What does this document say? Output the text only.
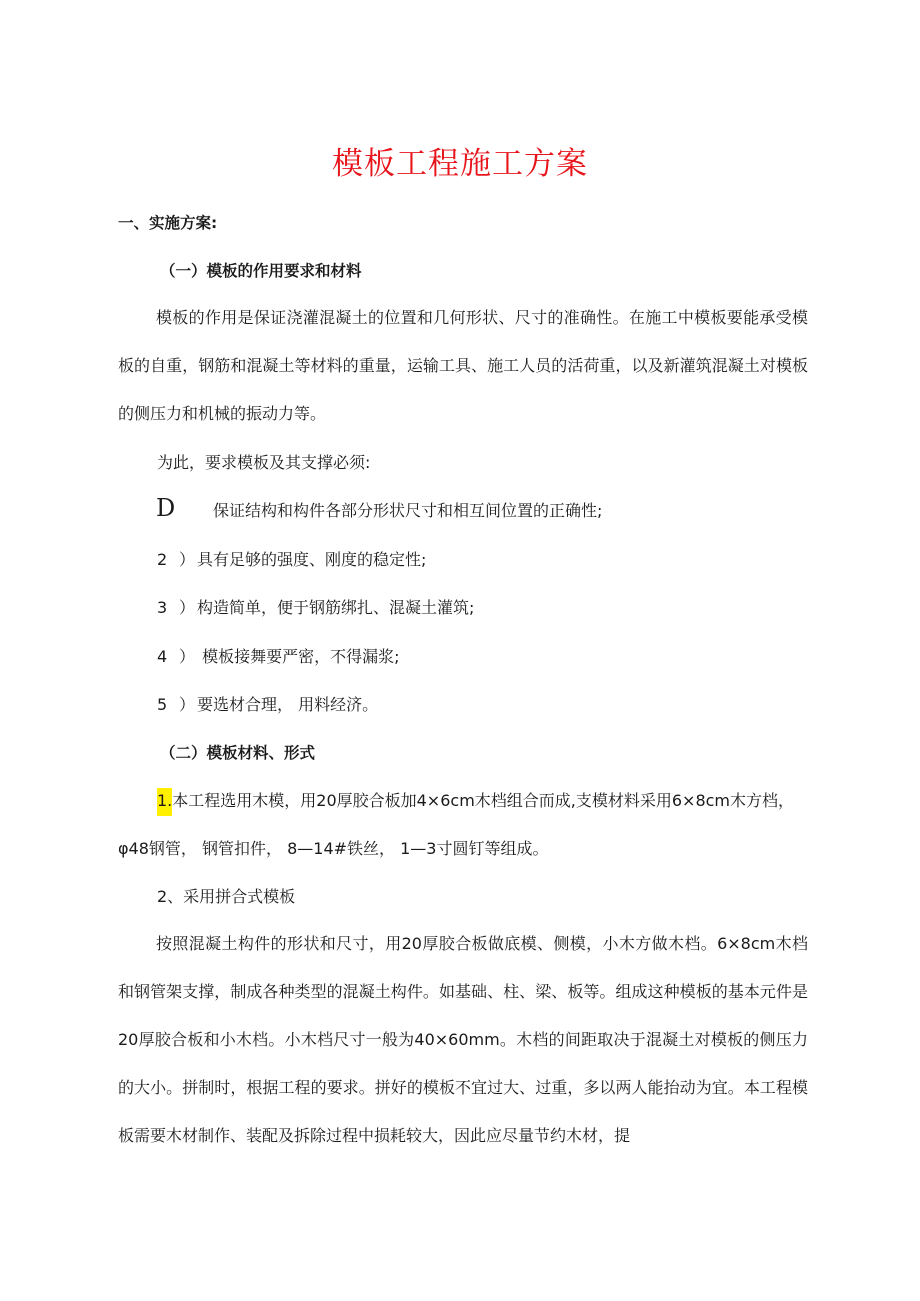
模板工程施工方案
一、实施方案:
（一）模板的作用要求和材料
模板的作用是保证浇灌混凝土的位置和几何形状、尺寸的准确性。在施工中模板要能承受模板的自重，钢筋和混凝土等材料的重量，运输工具、施工人员的活荷重，以及新灌筑混凝土对模板的侧压力和机械的振动力等。
为此，要求模板及其支撑必须:
D 保证结构和构件各部分形状尺寸和相互间位置的正确性;
2 ） 具有足够的强度、刚度的稳定性;
3 ） 构造简单，便于钢筋绑扎、混凝土灌筑;
4 ） 模板接舞要严密，不得漏浆;
5 ） 要选材合理， 用料经济。
（二）模板材料、形式
1.本工程选用木模，用20厚胶合板加4×6cm木档组合而成,支模材料采用6×8cm木方档，
φ48钢管， 钢管扣件， 8—14#铁丝， 1—3寸圆钉等组成。
2、采用拼合式模板
按照混凝土构件的形状和尺寸，用20厚胶合板做底模、侧模，小木方做木档。6×8cm木档和钢管架支撑，制成各种类型的混凝土构件。如基础、柱、梁、板等。组成这种模板的基本元件是20厚胶合板和小木档。小木档尺寸一般为40×60mm。木档的间距取决于混凝土对模板的侧压力的大小。拼制时，根据工程的要求。拼好的模板不宜过大、过重，多以两人能抬动为宜。本工程模板需要木材制作、装配及拆除过程中损耗较大，因此应尽量节约木材，提
